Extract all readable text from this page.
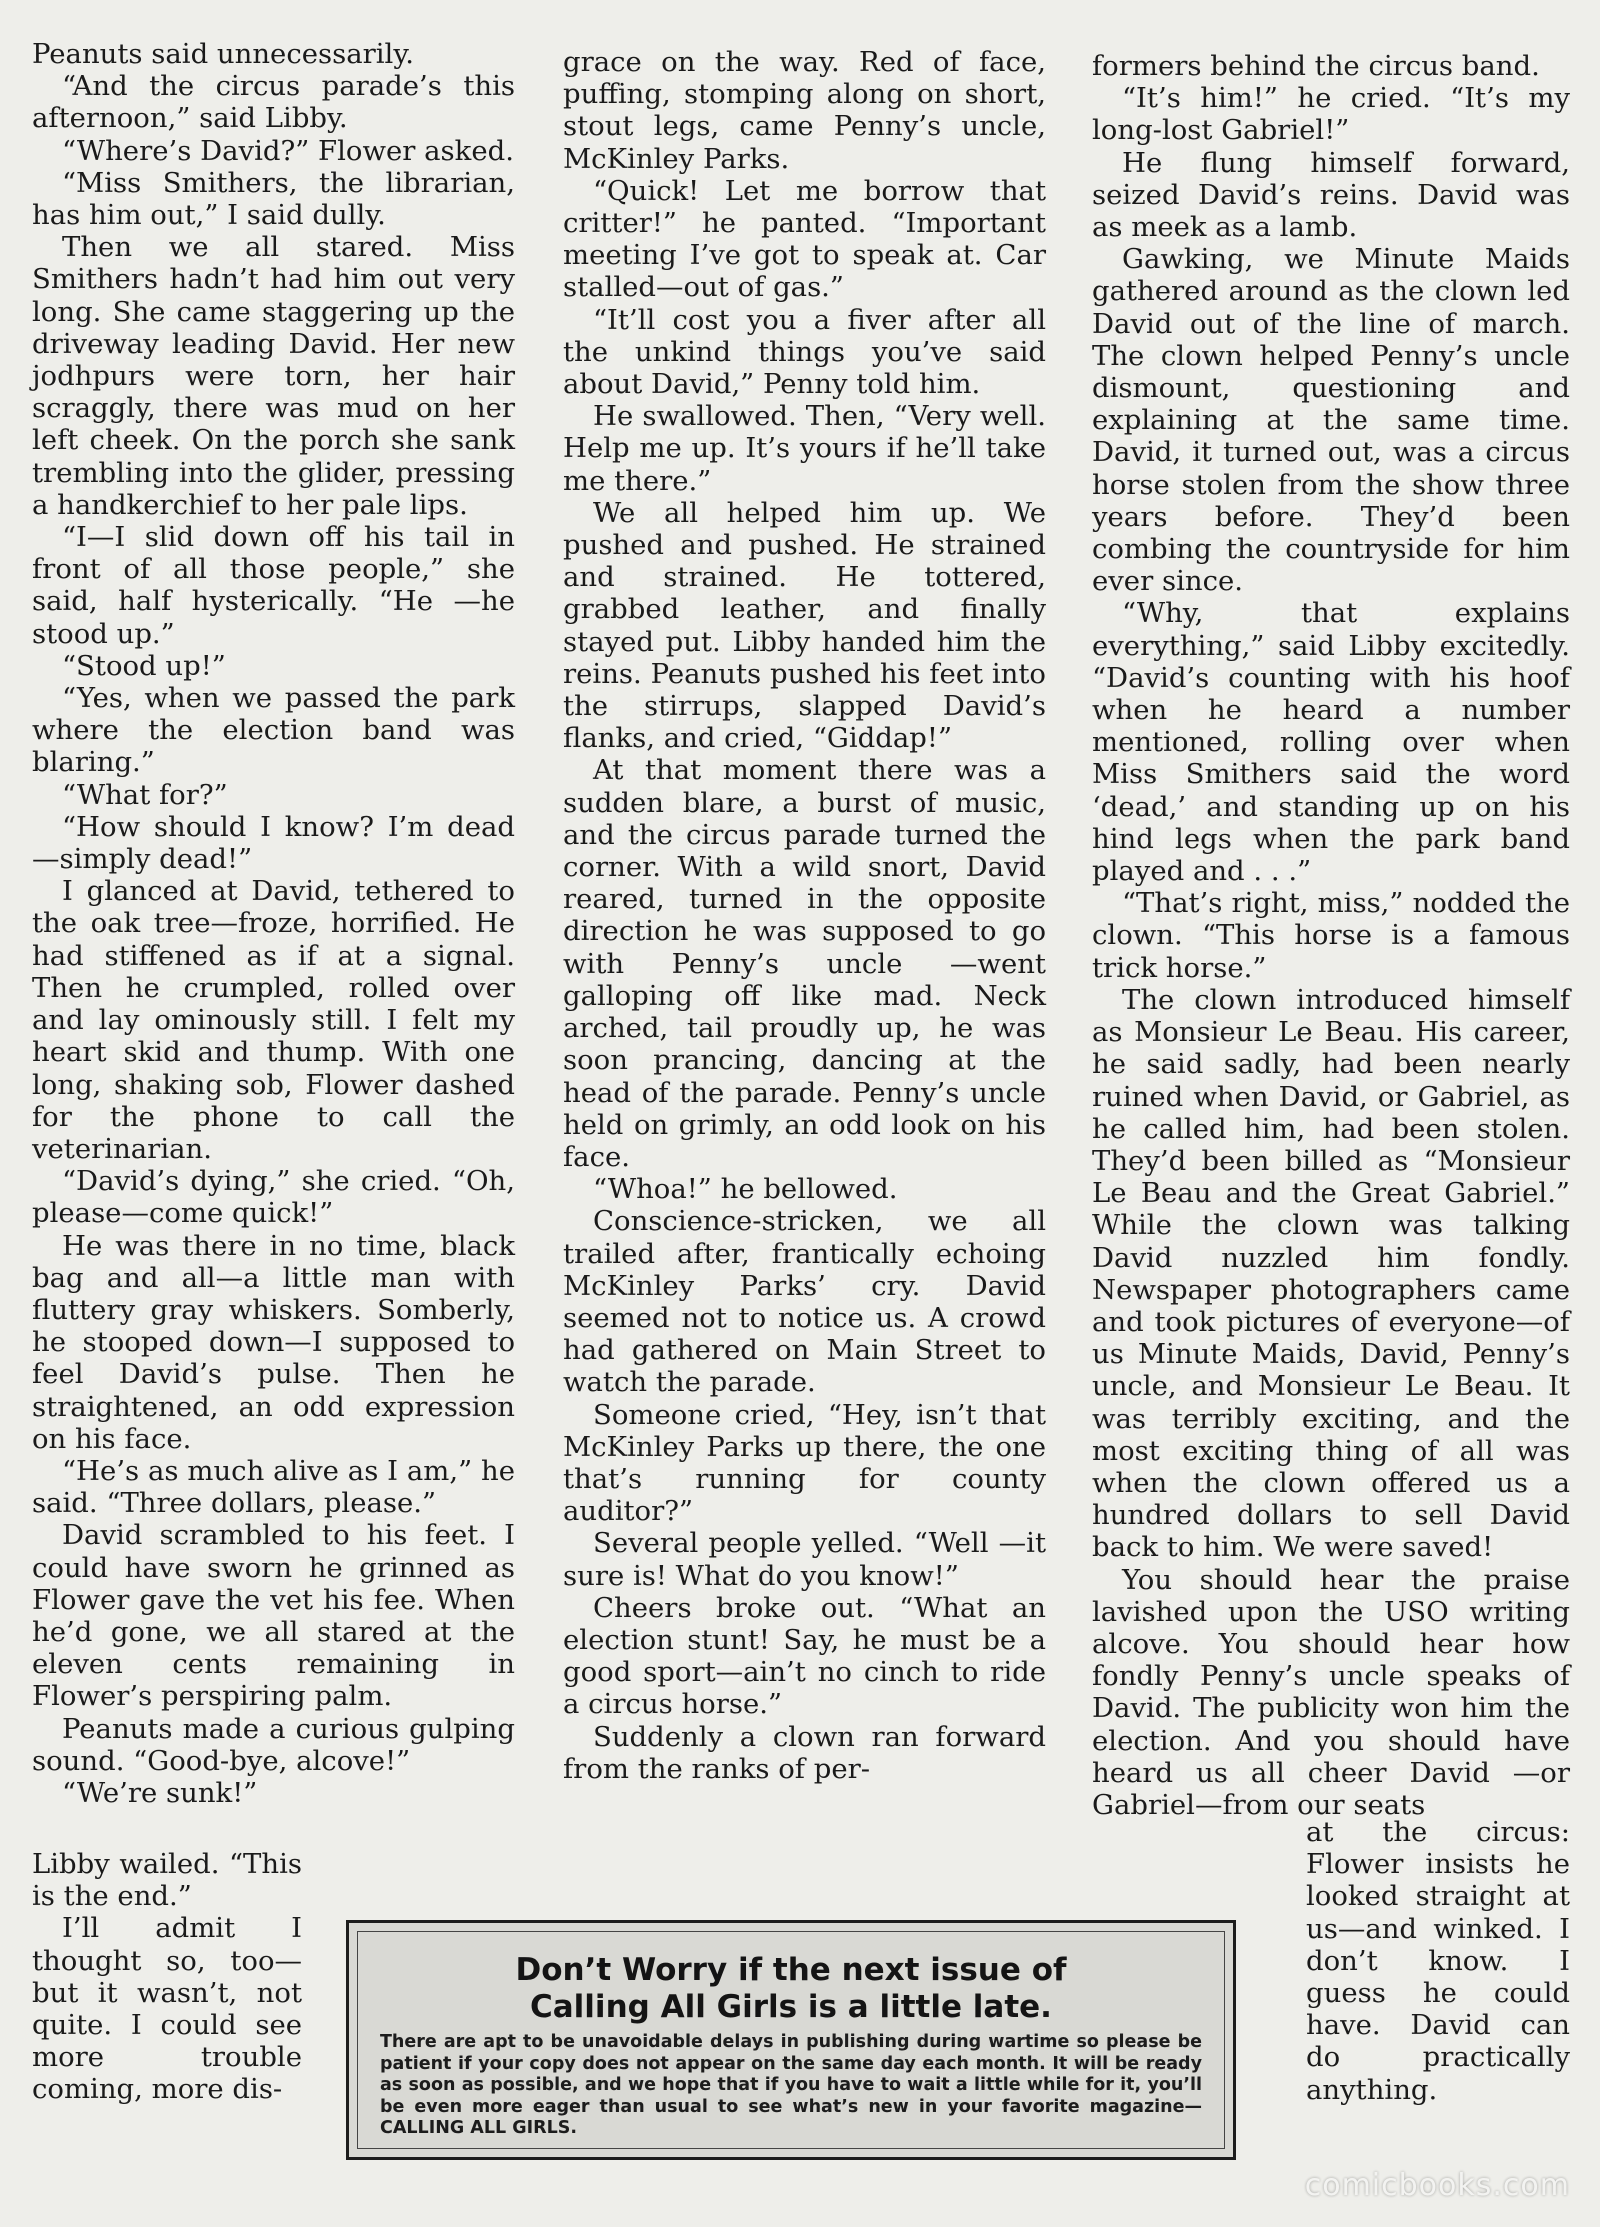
Peanuts said unnecessarily.

“And the circus parade’s this afternoon,” said Libby.

“Where’s David?” Flower asked.

“Miss Smithers, the librarian, has him out,” I said dully.

Then we all stared. Miss Smithers hadn’t had him out very long. She came staggering up the driveway leading David. Her new jodhpurs were torn, her hair scraggly, there was mud on her left cheek. On the porch she sank trembling into the glider, pressing a handkerchief to her pale lips.

“I—I slid down off his tail in front of all those people,” she said, half hysterically. “He —he stood up.”

“Stood up!”

“Yes, when we passed the park where the election band was blaring.”

“What for?”

“How should I know? I’m dead—simply dead!”

I glanced at David, tethered to the oak tree—froze, horrified. He had stiffened as if at a signal. Then he crumpled, rolled over and lay ominously still. I felt my heart skid and thump. With one long, shaking sob, Flower dashed for the phone to call the veterinarian.

“David’s dying,” she cried. “Oh, please—come quick!”

He was there in no time, black bag and all—a little man with fluttery gray whiskers. Somberly, he stooped down—I supposed to feel David’s pulse. Then he straightened, an odd expression on his face.

“He’s as much alive as I am,” he said. “Three dollars, please.”

David scrambled to his feet. I could have sworn he grinned as Flower gave the vet his fee. When he’d gone, we all stared at the eleven cents remaining in Flower’s perspiring palm.

Peanuts made a curious gulping sound. “Good-bye, alcove!”

“We’re sunk!”

grace on the way. Red of face, puffing, stomping along on short, stout legs, came Penny’s uncle, McKinley Parks.

“Quick! Let me borrow that critter!” he panted. “Important meeting I’ve got to speak at. Car stalled—out of gas.”

“It’ll cost you a fiver after all the unkind things you’ve said about David,” Penny told him.

He swallowed. Then, “Very well. Help me up. It’s yours if he’ll take me there.”

We all helped him up. We pushed and pushed. He strained and strained. He tottered, grabbed leather, and finally stayed put. Libby handed him the reins. Peanuts pushed his feet into the stirrups, slapped David’s flanks, and cried, “Giddap!”

At that moment there was a sudden blare, a burst of music, and the circus parade turned the corner. With a wild snort, David reared, turned in the opposite direction he was supposed to go with Penny’s uncle —went galloping off like mad. Neck arched, tail proudly up, he was soon prancing, dancing at the head of the parade. Penny’s uncle held on grimly, an odd look on his face.

“Whoa!” he bellowed.

Conscience-stricken, we all trailed after, frantically echoing McKinley Parks’ cry. David seemed not to notice us. A crowd had gathered on Main Street to watch the parade.

Someone cried, “Hey, isn’t that McKinley Parks up there, the one that’s running for county auditor?”

Several people yelled. “Well —it sure is! What do you know!”

Cheers broke out. “What an election stunt! Say, he must be a good sport—ain’t no cinch to ride a circus horse.”

Suddenly a clown ran forward from the ranks of per-

formers behind the circus band.

“It’s him!” he cried. “It’s my long-lost Gabriel!”

He flung himself forward, seized David’s reins. David was as meek as a lamb.

Gawking, we Minute Maids gathered around as the clown led David out of the line of march. The clown helped Penny’s uncle dismount, questioning and explaining at the same time. David, it turned out, was a circus horse stolen from the show three years before. They’d been combing the countryside for him ever since.

“Why, that explains everything,” said Libby excitedly. “David’s counting with his hoof when he heard a number mentioned, rolling over when Miss Smithers said the word ‘dead,’ and standing up on his hind legs when the park band played and . . .”

“That’s right, miss,” nodded the clown. “This horse is a famous trick horse.”

The clown introduced himself as Monsieur Le Beau. His career, he said sadly, had been nearly ruined when David, or Gabriel, as he called him, had been stolen. They’d been billed as “Monsieur Le Beau and the Great Gabriel.” While the clown was talking David nuzzled him fondly. Newspaper photographers came and took pictures of everyone—of us Minute Maids, David, Penny’s uncle, and Monsieur Le Beau. It was terribly exciting, and the most exciting thing of all was when the clown offered us a hundred dollars to sell David back to him. We were saved!

You should hear the praise lavished upon the USO writing alcove. You should hear how fondly Penny’s uncle speaks of David. The publicity won him the election. And you should have heard us all cheer David —or Gabriel—from our seats

Libby wailed. “This is the end.”

I’ll admit I thought so, too—but it wasn’t, not quite. I could see more trouble coming, more dis-

at the circus: Flower insists he looked straight at us—and winked. I don’t know. I guess he could have. David can do practically anything.

Don’t Worry if the next issue of
Calling All Girls is a little late.
There are apt to be unavoidable delays in publishing during wartime so please be patient if your copy does not appear on the same day each month. It will be ready as soon as possible, and we hope that if you have to wait a little while for it, you’ll be even more eager than usual to see what’s new in your favorite magazine—CALLING ALL GIRLS.
comicbooks.com
